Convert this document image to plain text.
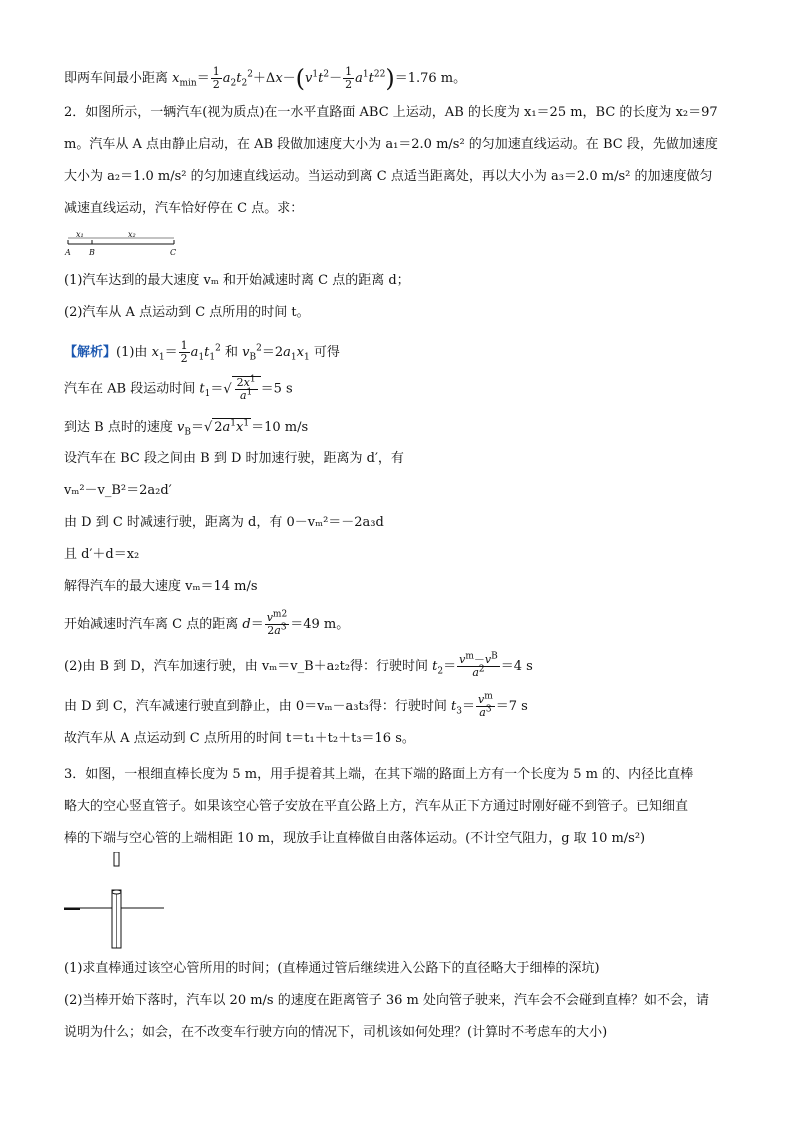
即两车间最小距离 $x_{min}= \frac{1}{2} a_2t_2^2+\Delta x-(v^1t^2- \frac{1}{2} a^1t^{22})=1.76$ m。
2．如图所示，一辆汽车(视为质点)在一水平直路面 ABC 上运动，AB 的长度为 x₁＝25 m，BC 的长度为 x₂＝97
m。汽车从 A 点由静止启动，在 AB 段做加速度大小为 a₁＝2.0 m/s² 的匀加速直线运动。在 BC 段，先做加速度
大小为 a₂＝1.0 m/s² 的匀加速直线运动。当运动到离 C 点适当距离处，再以大小为 a₃＝2.0 m/s² 的加速度做匀
减速直线运动，汽车恰好停在 C 点。求：
x₁	x₂
A B	C
(1)汽车达到的最大速度 vₘ 和开始减速时离 C 点的距离 d；
(2)汽车从 A 点运动到 C 点所用的时间 t。
【解析】(1)由 $x_1= \frac{1}{2} a_1t_1^2$ 和 $v_B^2=2a_1x_1$ 可得
汽车在 AB 段运动时间 $t_1=√ \frac{2x^1}{a^1} =5$ s
到达 B 点时的速度 $v_B=√$ $2a^1x^1 =10$ m/s
设汽车在 BC 段之间由 B 到 D 时加速行驶，距离为 d′，有
vₘ²－v_B²＝2a₂d′
由 D 到 C 时减速行驶，距离为 d，有 0－vₘ²＝－2a₃d
且 d′＋d＝x₂
解得汽车的最大速度 vₘ＝14 m/s
开始减速时汽车离 C 点的距离 $d= \frac{v^{m2}}{2a^3} =49$ m。
(2)由 B 到 D，汽车加速行驶，由 vₘ＝v_B＋a₂t₂得：行驶时间 $t_2= \frac{v^m-v^B}{a^2} =4$ s
由 D 到 C，汽车减速行驶直到静止，由 0＝vₘ－a₃t₃得：行驶时间 $t_3= \frac{v^m}{a^3} =7$ s
故汽车从 A 点运动到 C 点所用的时间 t＝t₁＋t₂＋t₃＝16 s。
3．如图，一根细直棒长度为 5 m，用手提着其上端，在其下端的路面上方有一个长度为 5 m 的、内径比直棒
略大的空心竖直管子。如果该空心管子安放在平直公路上方，汽车从正下方通过时刚好碰不到管子。已知细直
棒的下端与空心管的上端相距 10 m，现放手让直棒做自由落体运动。(不计空气阻力，g 取 10 m/s²)
(1)求直棒通过该空心管所用的时间；(直棒通过管后继续进入公路下的直径略大于细棒的深坑)
(2)当棒开始下落时，汽车以 20 m/s 的速度在距离管子 36 m 处向管子驶来，汽车会不会碰到直棒？如不会，请
说明为什么；如会，在不改变车行驶方向的情况下，司机该如何处理？(计算时不考虑车的大小)
